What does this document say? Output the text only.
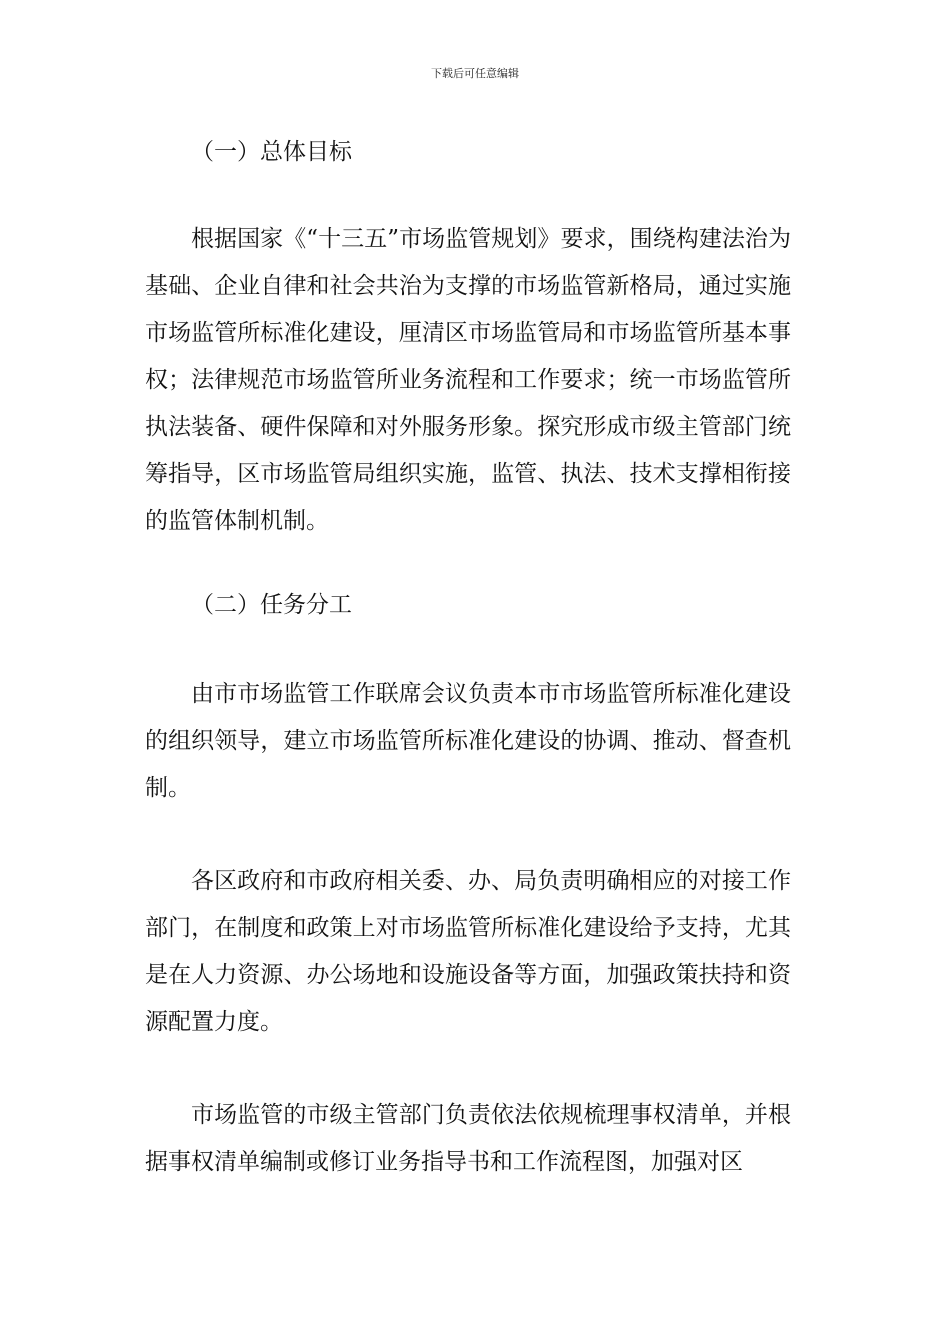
下载后可任意编辑

（一）总体目标

根据国家《“十三五”市场监管规划》要求，围绕构建法治为基础、企业自律和社会共治为支撑的市场监管新格局，通过实施市场监管所标准化建设，厘清区市场监管局和市场监管所基本事权；法律规范市场监管所业务流程和工作要求；统一市场监管所执法装备、硬件保障和对外服务形象。探究形成市级主管部门统筹指导，区市场监管局组织实施，监管、执法、技术支撑相衔接的监管体制机制。

（二）任务分工

由市市场监管工作联席会议负责本市市场监管所标准化建设的组织领导，建立市场监管所标准化建设的协调、推动、督查机制。

各区政府和市政府相关委、办、局负责明确相应的对接工作部门，在制度和政策上对市场监管所标准化建设给予支持，尤其是在人力资源、办公场地和设施设备等方面，加强政策扶持和资源配置力度。

市场监管的市级主管部门负责依法依规梳理事权清单，并根据事权清单编制或修订业务指导书和工作流程图，加强对区
